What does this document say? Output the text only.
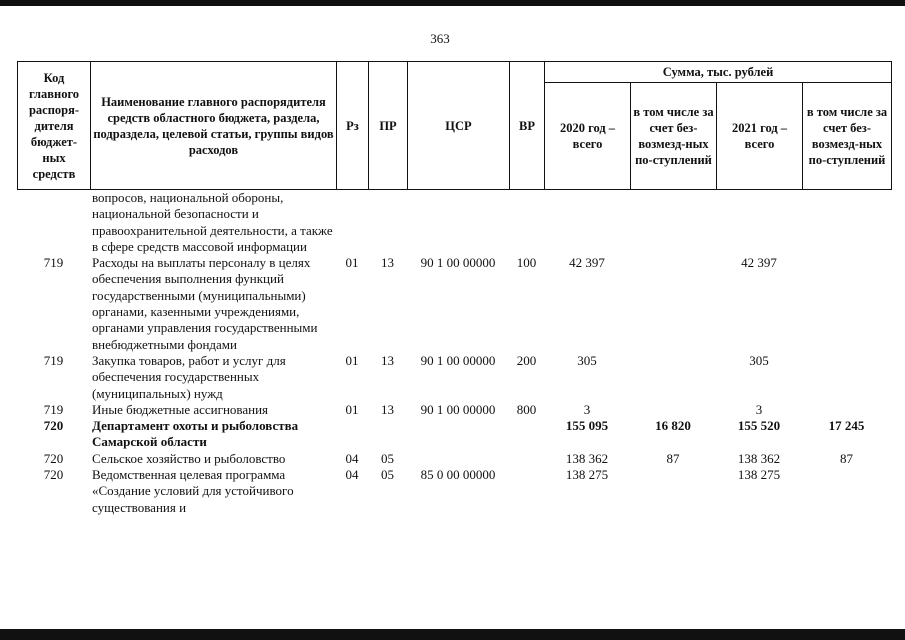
363
Код главного распоря-дителя бюджет-ных средств	Наименование главного распорядителя средств областного бюджета, раздела, подраздела, целевой статьи, группы видов расходов	Рз	ПР	ЦСР	ВР	Сумма, тыс. рублей			
						2020 год – всего	в том числе за счет без-возмезд-ных по-ступлений	2021 год – всего	в том числе за счет без-возмезд-ных по-ступлений
	вопросов, национальной обороны, национальной безопасности и правоохранительной деятельности, а также в сфере средств массовой информации								
719	Расходы на выплаты персоналу в целях обеспечения выполнения функций государственными (муниципальными) органами, казенными учреждениями, органами управления государственными внебюджетными фондами	01	13	90 1 00 00000	100	42 397		42 397	
719	Закупка товаров, работ и услуг для обеспечения государственных (муниципальных) нужд	01	13	90 1 00 00000	200	305		305	
719	Иные бюджетные ассигнования	01	13	90 1 00 00000	800	3		3	
720	Департамент охоты и рыболовства Самарской области					155 095	16 820	155 520	17 245
720	Сельское хозяйство и рыболовство	04	05			138 362	87	138 362	87
720	Ведомственная целевая программа «Создание условий для устойчивого существования и	04	05	85 0 00 00000		138 275		138 275	
